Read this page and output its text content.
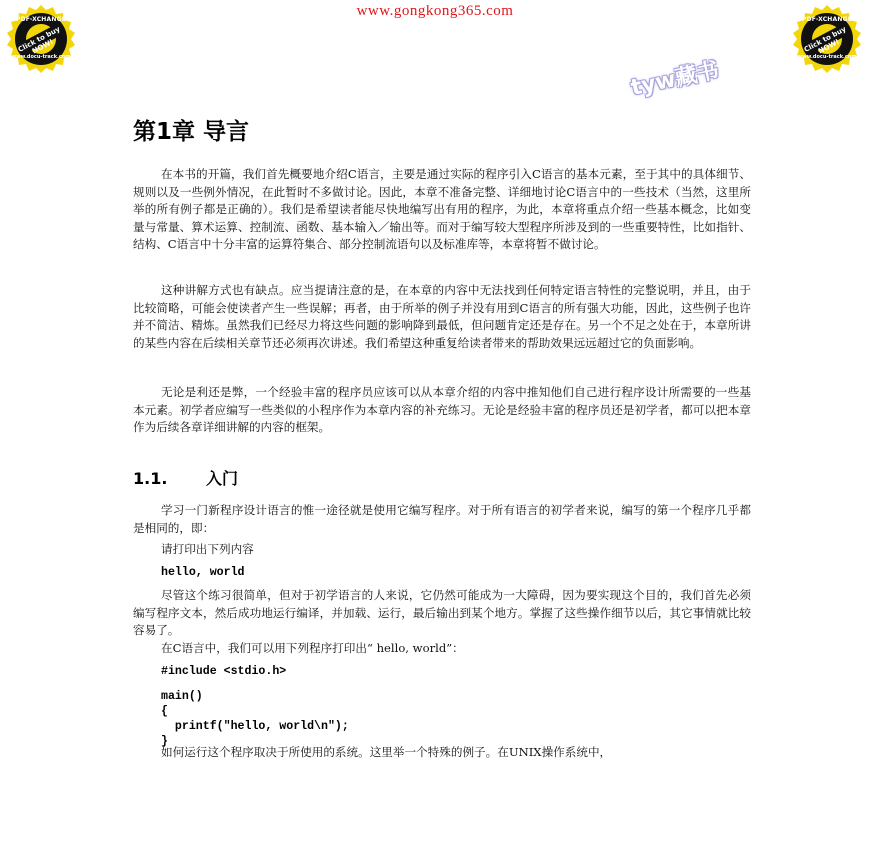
www.gongkong365.com
PDF-XCHANGE
Click to buy NOW!
www.docu-track.com
PDF-XCHANGE
Click to buy NOW!
www.docu-track.com
tyw藏书
第1章 导言

在本书的开篇，我们首先概要地介绍C语言，主要是通过实际的程序引入C语言的基本元素，至于其中的具体细节、规则以及一些例外情况，在此暂时不多做讨论。因此，本章不准备完整、详细地讨论C语言中的一些技术（当然，这里所举的所有例子都是正确的）。我们是希望读者能尽快地编写出有用的程序，为此，本章将重点介绍一些基本概念，比如变量与常量、算术运算、控制流、函数、基本输入／输出等。而对于编写较大型程序所涉及到的一些重要特性，比如指针、结构、C语言中十分丰富的运算符集合、部分控制流语句以及标准库等，本章将暂不做讨论。

这种讲解方式也有缺点。应当提请注意的是，在本章的内容中无法找到任何特定语言特性的完整说明，并且，由于比较简略，可能会使读者产生一些误解；再者，由于所举的例子并没有用到C语言的所有强大功能，因此，这些例子也许并不简洁、精炼。虽然我们已经尽力将这些问题的影响降到最低，但问题肯定还是存在。另一个不足之处在于，本章所讲的某些内容在后续相关章节还必须再次讲述。我们希望这种重复给读者带来的帮助效果远远超过它的负面影响。

无论是利还是弊，一个经验丰富的程序员应该可以从本章介绍的内容中推知他们自己进行程序设计所需要的一些基本元素。初学者应编写一些类似的小程序作为本章内容的补充练习。无论是经验丰富的程序员还是初学者，都可以把本章作为后续各章详细讲解的内容的框架。

1.1. 入门

学习一门新程序设计语言的惟一途径就是使用它编写程序。对于所有语言的初学者来说，编写的第一个程序几乎都是相同的，即：

请打印出下列内容

hello, world

尽管这个练习很简单，但对于初学语言的人来说，它仍然可能成为一大障碍，因为要实现这个目的，我们首先必须编写程序文本，然后成功地运行编译，并加载、运行，最后输出到某个地方。掌握了这些操作细节以后，其它事情就比较容易了。

在C语言中，我们可以用下列程序打印出“ hello, world”：

#include <stdio.h>
main()
{
printf("hello, world\n");
}

如何运行这个程序取决于所使用的系统。这里举一个特殊的例子。在UNIX操作系统中，
